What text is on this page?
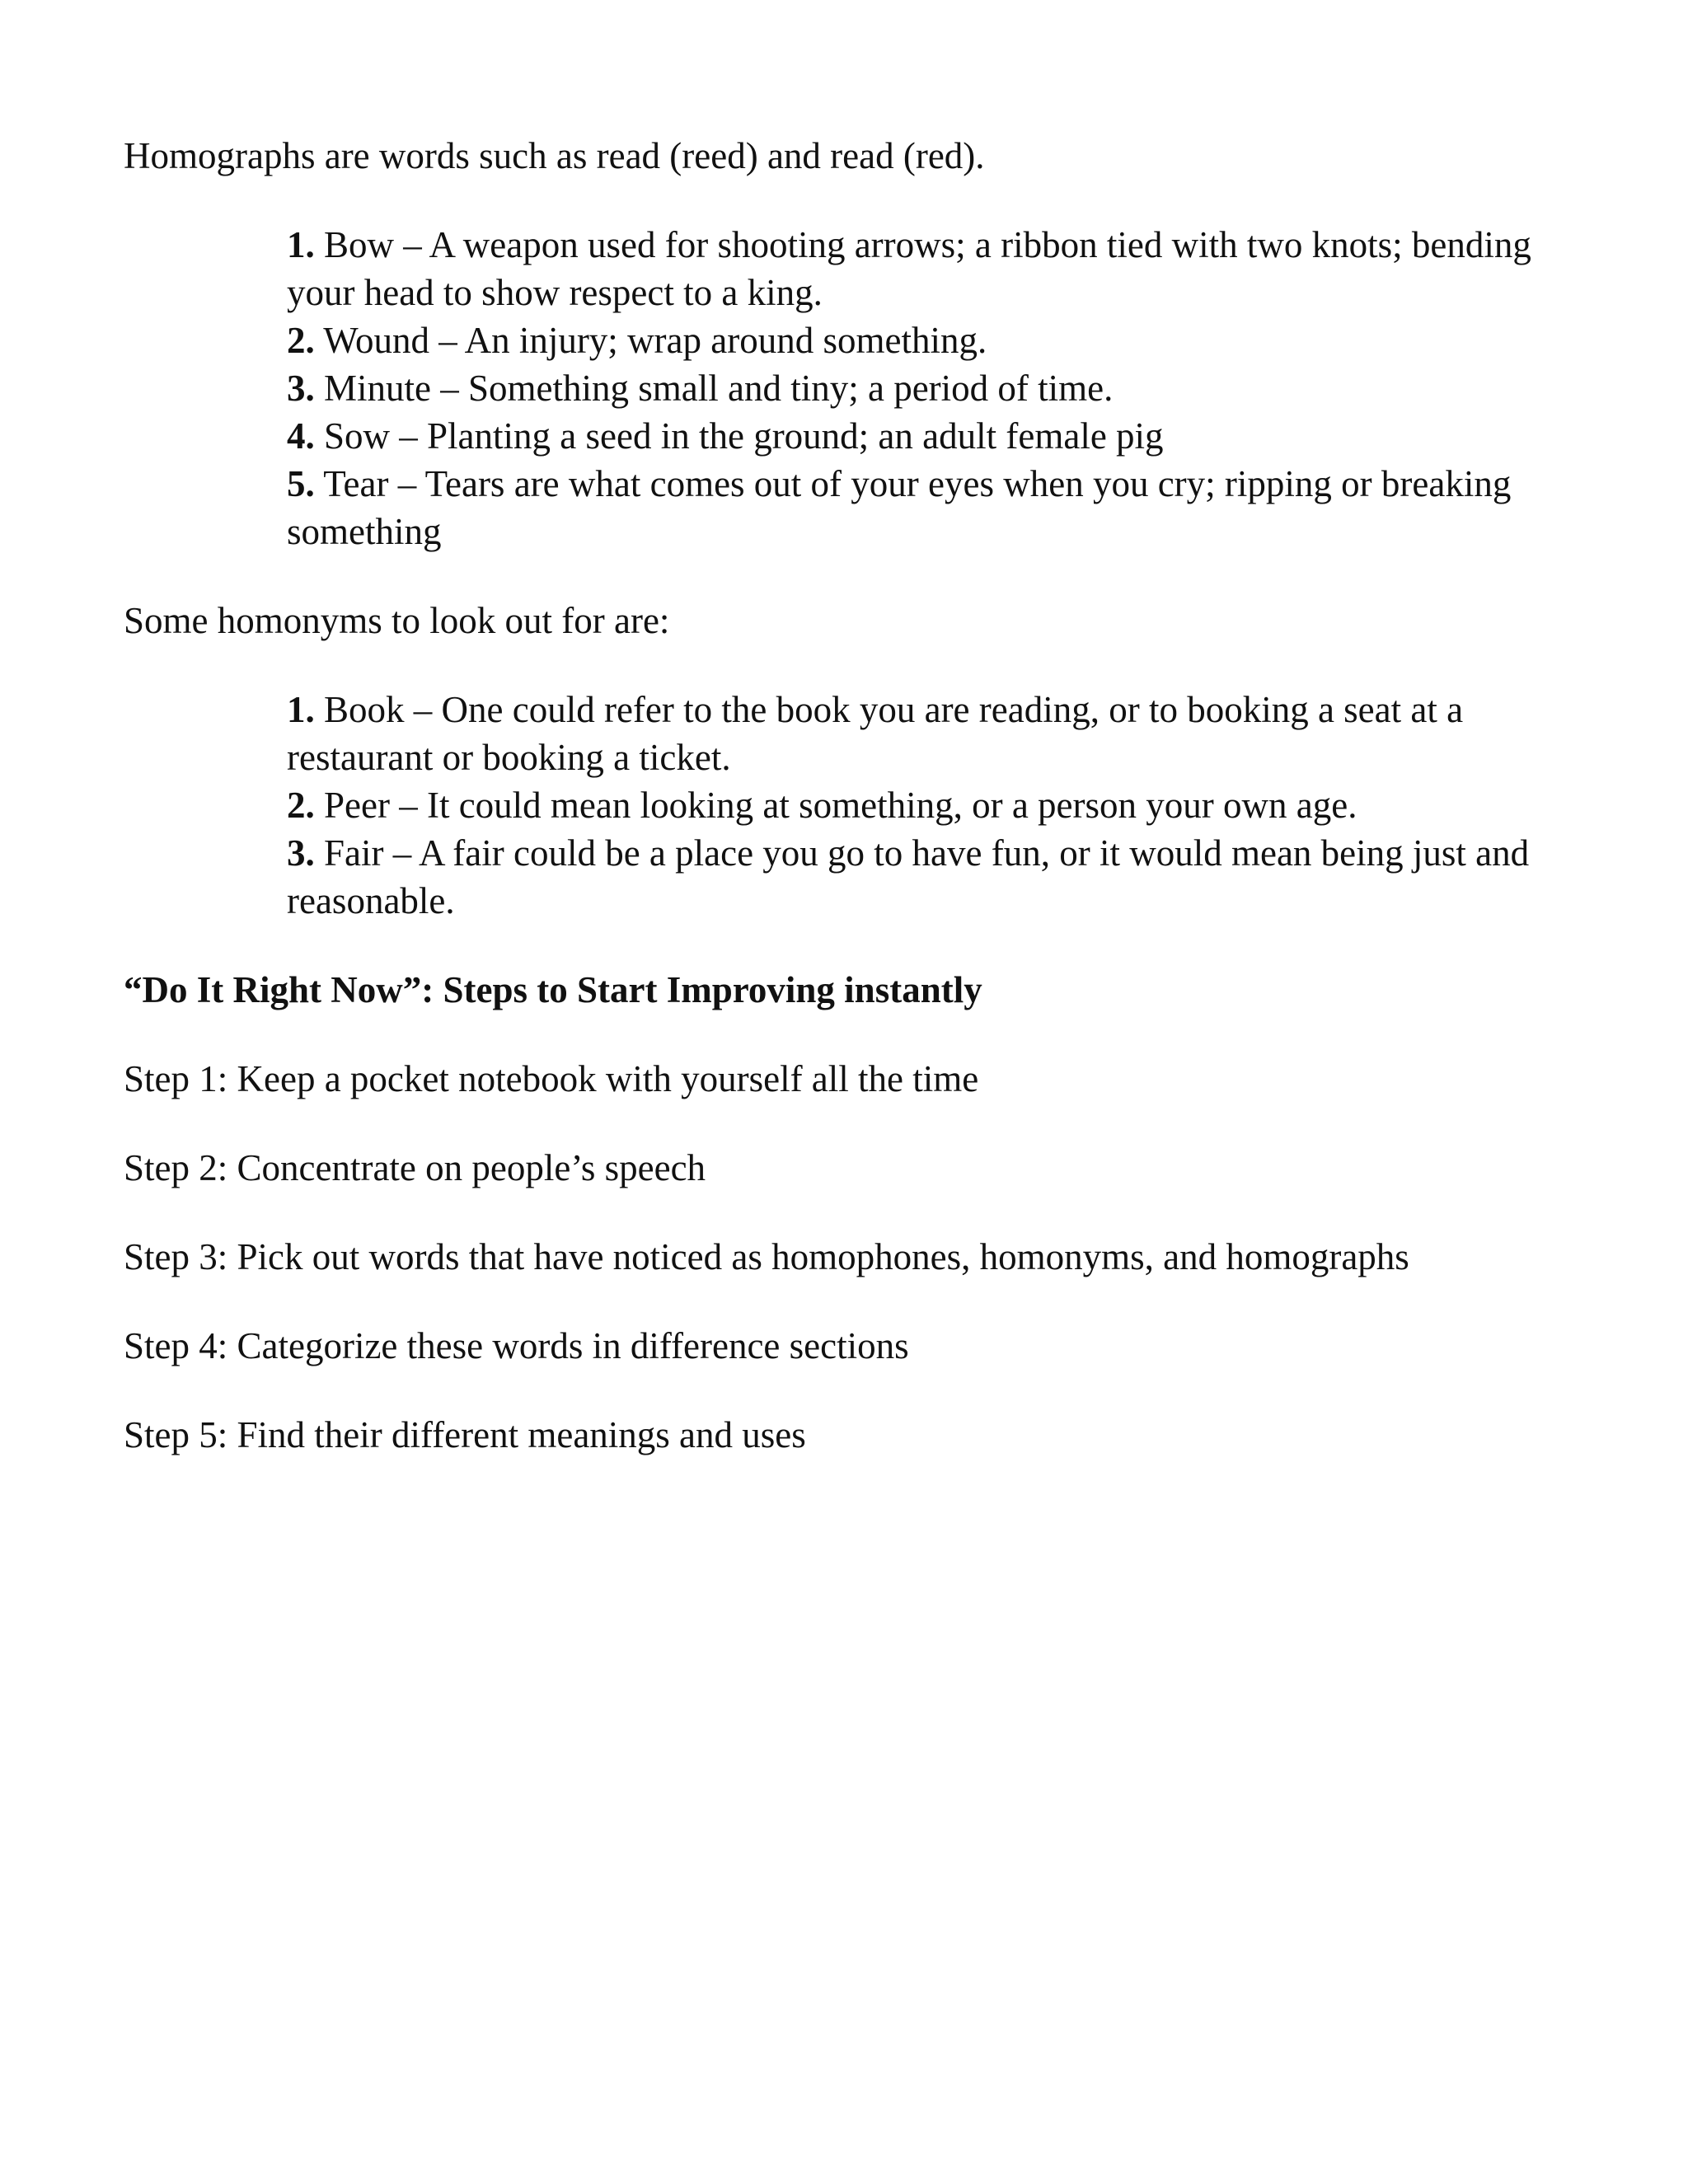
Homographs are words such as read (reed) and read (red).

1. Bow – A weapon used for shooting arrows; a ribbon tied with two knots; bending your head to show respect to a king.
2. Wound – An injury; wrap around something.
3. Minute – Something small and tiny; a period of time.
4. Sow – Planting a seed in the ground; an adult female pig
5. Tear – Tears are what comes out of your eyes when you cry; ripping or breaking something

Some homonyms to look out for are:

1. Book – One could refer to the book you are reading, or to booking a seat at a restaurant or booking a ticket.
2. Peer – It could mean looking at something, or a person your own age.
3. Fair – A fair could be a place you go to have fun, or it would mean being just and reasonable.

“Do It Right Now”: Steps to Start Improving instantly

Step 1: Keep a pocket notebook with yourself all the time

Step 2: Concentrate on people’s speech

Step 3: Pick out words that have noticed as homophones, homonyms, and homographs

Step 4: Categorize these words in difference sections

Step 5: Find their different meanings and uses
